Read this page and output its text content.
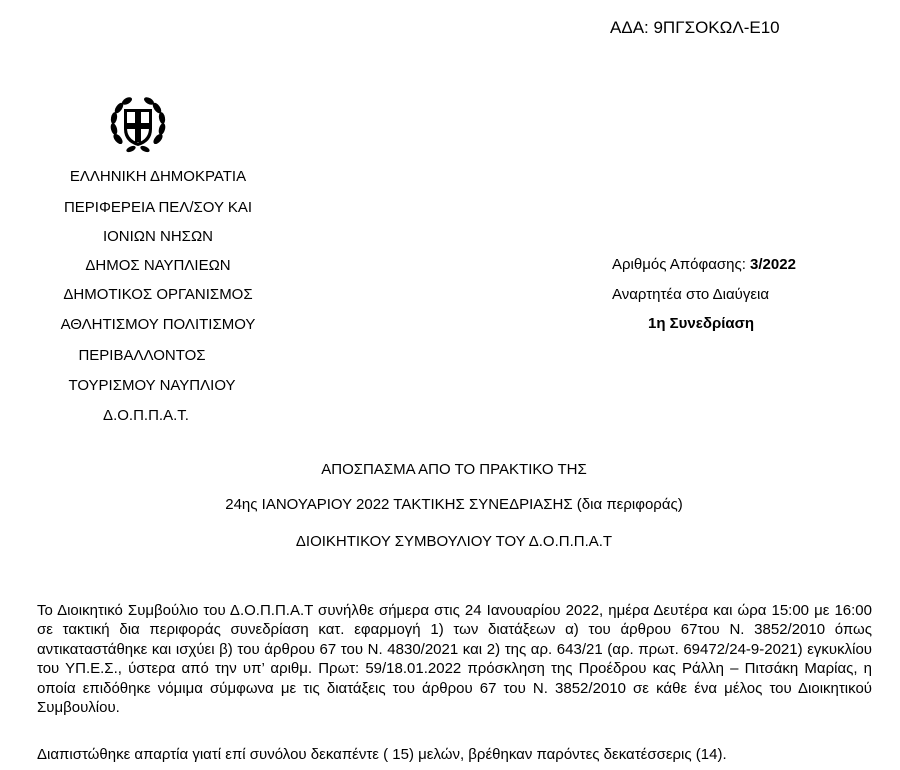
ΑΔΑ: 9ΠΓΣΟΚΩΛ-Ε10
ΕΛΛΗΝΙΚΗ ΔΗΜΟΚΡΑΤΙΑ
ΠΕΡΙΦΕΡΕΙΑ ΠΕΛ/ΣΟΥ ΚΑΙ
ΙΟΝΙΩΝ ΝΗΣΩΝ
ΔΗΜΟΣ ΝΑΥΠΛΙΕΩΝ
ΔΗΜΟΤΙΚΟΣ ΟΡΓΑΝΙΣΜΟΣ
ΑΘΛΗΤΙΣΜΟΥ ΠΟΛΙΤΙΣΜΟΥ
ΠΕΡΙΒΑΛΛΟΝΤΟΣ
ΤΟΥΡΙΣΜΟΥ ΝΑΥΠΛΙΟΥ
Δ.Ο.Π.Π.Α.Τ.
Αριθμός Απόφασης: 3/2022
Αναρτητέα στο Διαύγεια
1η Συνεδρίαση
ΑΠΟΣΠΑΣΜΑ ΑΠΟ ΤΟ ΠΡΑΚΤΙΚΟ ΤΗΣ
24ης ΙΑΝΟΥΑΡΙΟΥ 2022 ΤΑΚΤΙΚΗΣ ΣΥΝΕΔΡΙΑΣΗΣ (δια περιφοράς)
ΔΙΟΙΚΗΤΙΚΟΥ ΣΥΜΒΟΥΛΙΟΥ ΤΟΥ Δ.Ο.Π.Π.Α.Τ
Το Διοικητικό Συμβούλιο του Δ.Ο.Π.Π.Α.Τ συνήλθε σήμερα στις 24 Ιανουαρίου 2022, ημέρα Δευτέρα και ώρα 15:00 με 16:00 σε τακτική δια περιφοράς συνεδρίαση κατ. εφαρμογή 1) των διατάξεων α) του άρθρου 67του Ν. 3852/2010 όπως αντικαταστάθηκε και ισχύει β) του άρθρου 67 του Ν. 4830/2021 και 2) της αρ. 643/21 (αρ. πρωτ. 69472/24-9-2021) εγκυκλίου του ΥΠ.Ε.Σ., ύστερα από την υπ’ αριθμ. Πρωτ: 59/18.01.2022 πρόσκληση της Προέδρου κας Ράλλη – Πιτσάκη Μαρίας, η οποία επιδόθηκε νόμιμα σύμφωνα με τις διατάξεις του άρθρου 67 του Ν. 3852/2010 σε κάθε ένα μέλος του Διοικητικού Συμβουλίου.
Διαπιστώθηκε απαρτία γιατί επί συνόλου δεκαπέντε ( 15) μελών, βρέθηκαν παρόντες δεκατέσσερις (14).
